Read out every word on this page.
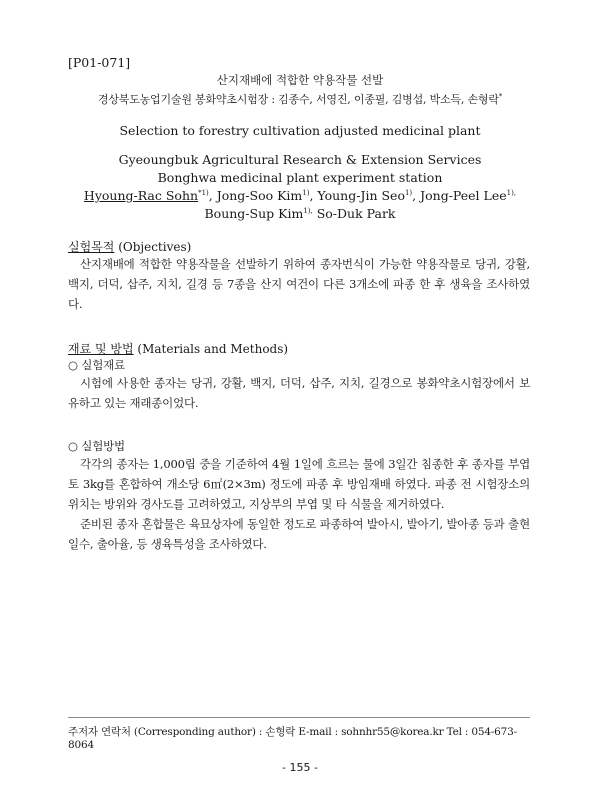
[P01-071]
산지재배에 적합한 약용작물 선발
경상북도농업기술원 봉화약초시험장 : 김종수, 서영진, 이종필, 김병섭, 박소득, 손형락*
Selection to forestry cultivation adjusted medicinal plant
Gyeoungbuk Agricultural Research & Extension Services
Bonghwa medicinal plant experiment station
Hyoung-Rac Sohn$^{*1)}$, Jong-Soo Kim$^{1)}$, Young-Jin Seo$^{1)}$, Jong-Peel Lee$^{1),}$
Boung-Sup Kim$^{1),}$ So-Duk Park
실험목적 (Objectives)

산지재배에 적합한 약용작물을 선발하기 위하여 종자번식이 가능한 약용작물로 당귀, 강활, 백지, 더덕, 삽주, 지치, 길경 등 7종을 산지 여건이 다른 3개소에 파종 한 후 생육을 조사하였다.

재료 및 방법 (Materials and Methods)
○ 실험재료

시험에 사용한 종자는 당귀, 강활, 백지, 더덕, 삽주, 지치, 길경으로 봉화약초시험장에서 보유하고 있는 재래종이었다.

○ 실험방법

각각의 종자는 1,000립 중을 기준하여 4월 1일에 흐르는 물에 3일간 침종한 후 종자를 부엽토 3kg를 혼합하여 개소당 6㎡(2×3m) 정도에 파종 후 방임재배 하였다. 파종 전 시험장소의 위치는 방위와 경사도를 고려하였고, 지상부의 부엽 및 타 식물을 제거하였다.

준비된 종자 혼합물은 육묘상자에 동일한 정도로 파종하여 발아시, 발아기, 발아종 등과 출현일수, 출아율, 등 생육특성을 조사하였다.

주저자 연락처 (Corresponding author) : 손형락 E-mail : sohnhr55@korea.kr Tel : 054-673-8064
- 155 -
